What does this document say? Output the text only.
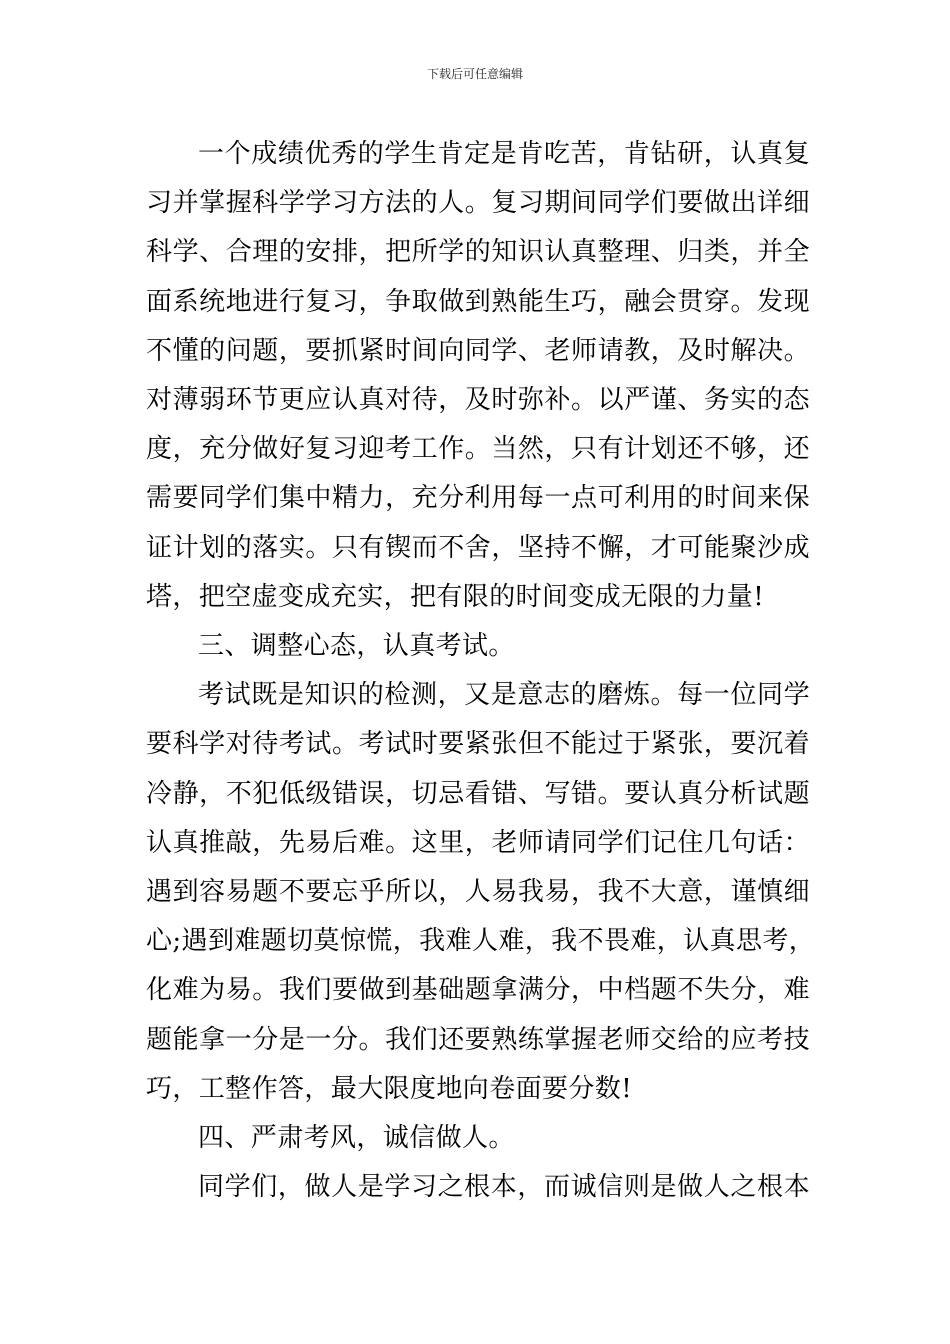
下载后可任意编辑

一个成绩优秀的学生肯定是肯吃苦，肯钻研，认真复
习并掌握科学学习方法的人。复习期间同学们要做出详细
科学、合理的安排，把所学的知识认真整理、归类，并全
面系统地进行复习，争取做到熟能生巧，融会贯穿。发现
不懂的问题，要抓紧时间向同学、老师请教，及时解决。
对薄弱环节更应认真对待，及时弥补。以严谨、务实的态
度，充分做好复习迎考工作。当然，只有计划还不够，还
需要同学们集中精力，充分利用每一点可利用的时间来保
证计划的落实。只有锲而不舍，坚持不懈，才可能聚沙成
塔，把空虚变成充实，把有限的时间变成无限的力量!

三、调整心态，认真考试。

考试既是知识的检测，又是意志的磨炼。每一位同学
要科学对待考试。考试时要紧张但不能过于紧张，要沉着
冷静，不犯低级错误，切忌看错、写错。要认真分析试题
认真推敲，先易后难。这里，老师请同学们记住几句话：
遇到容易题不要忘乎所以，人易我易，我不大意，谨慎细
心;遇到难题切莫惊慌，我难人难，我不畏难，认真思考，
化难为易。我们要做到基础题拿满分，中档题不失分，难
题能拿一分是一分。我们还要熟练掌握老师交给的应考技
巧，工整作答，最大限度地向卷面要分数!

四、严肃考风，诚信做人。

同学们，做人是学习之根本，而诚信则是做人之根本
